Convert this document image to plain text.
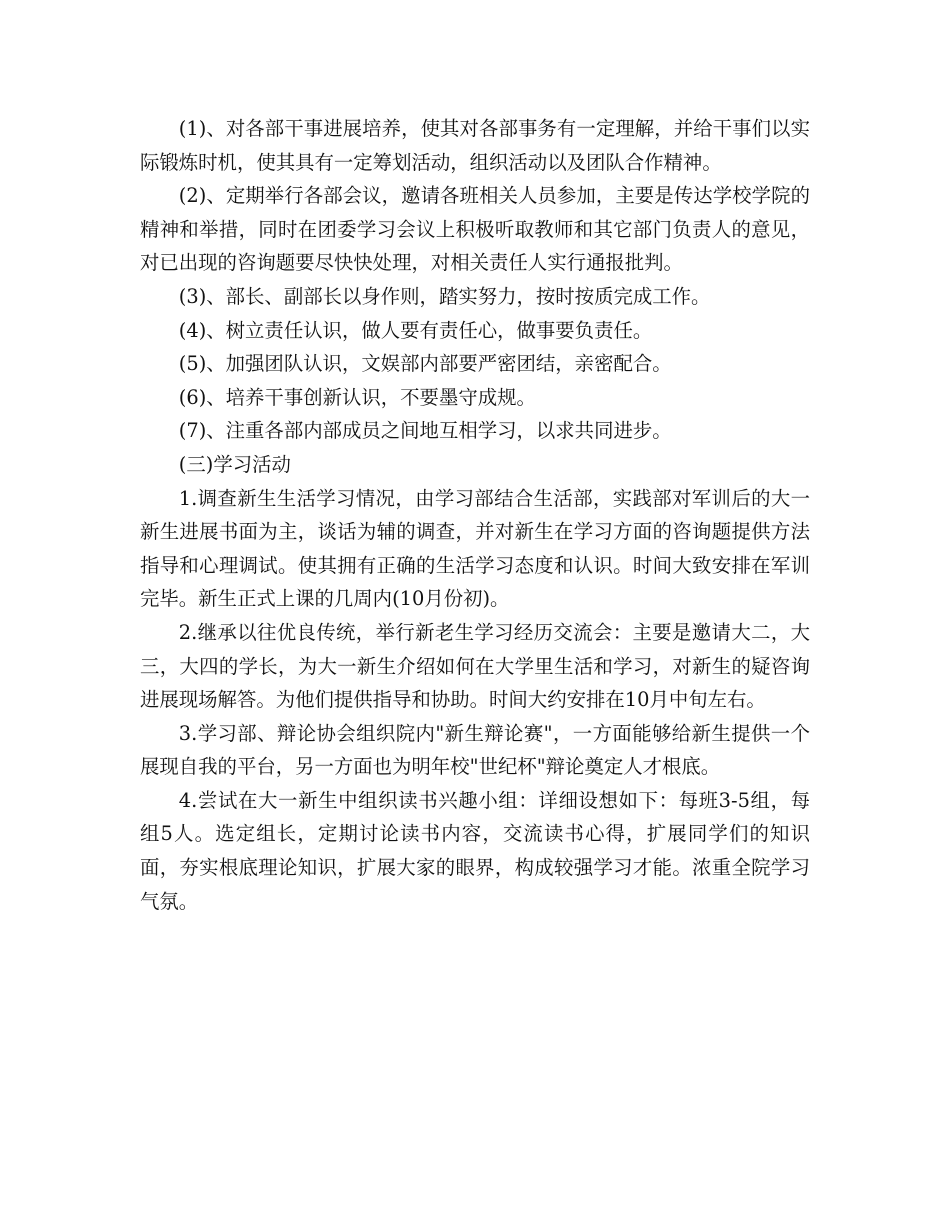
(1)、对各部干事进展培养，使其对各部事务有一定理解，并给干事们以实际锻炼时机，使其具有一定筹划活动，组织活动以及团队合作精神。

(2)、定期举行各部会议，邀请各班相关人员参加，主要是传达学校学院的精神和举措，同时在团委学习会议上积极听取教师和其它部门负责人的意见，对已出现的咨询题要尽快快处理，对相关责任人实行通报批判。

(3)、部长、副部长以身作则，踏实努力，按时按质完成工作。

(4)、树立责任认识，做人要有责任心，做事要负责任。

(5)、加强团队认识，文娱部内部要严密团结，亲密配合。

(6)、培养干事创新认识，不要墨守成规。

(7)、注重各部内部成员之间地互相学习，以求共同进步。

(三)学习活动

1.调查新生生活学习情况，由学习部结合生活部，实践部对军训后的大一新生进展书面为主，谈话为辅的调查，并对新生在学习方面的咨询题提供方法指导和心理调试。使其拥有正确的生活学习态度和认识。时间大致安排在军训完毕。新生正式上课的几周内(10月份初)。

2.继承以往优良传统，举行新老生学习经历交流会：主要是邀请大二，大三，大四的学长，为大一新生介绍如何在大学里生活和学习，对新生的疑咨询进展现场解答。为他们提供指导和协助。时间大约安排在10月中旬左右。

3.学习部、辩论协会组织院内"新生辩论赛"，一方面能够给新生提供一个展现自我的平台，另一方面也为明年校"世纪杯"辩论奠定人才根底。

4.尝试在大一新生中组织读书兴趣小组：详细设想如下：每班3-5组，每组5人。选定组长，定期讨论读书内容，交流读书心得，扩展同学们的知识面，夯实根底理论知识，扩展大家的眼界，构成较强学习才能。浓重全院学习气氛。
